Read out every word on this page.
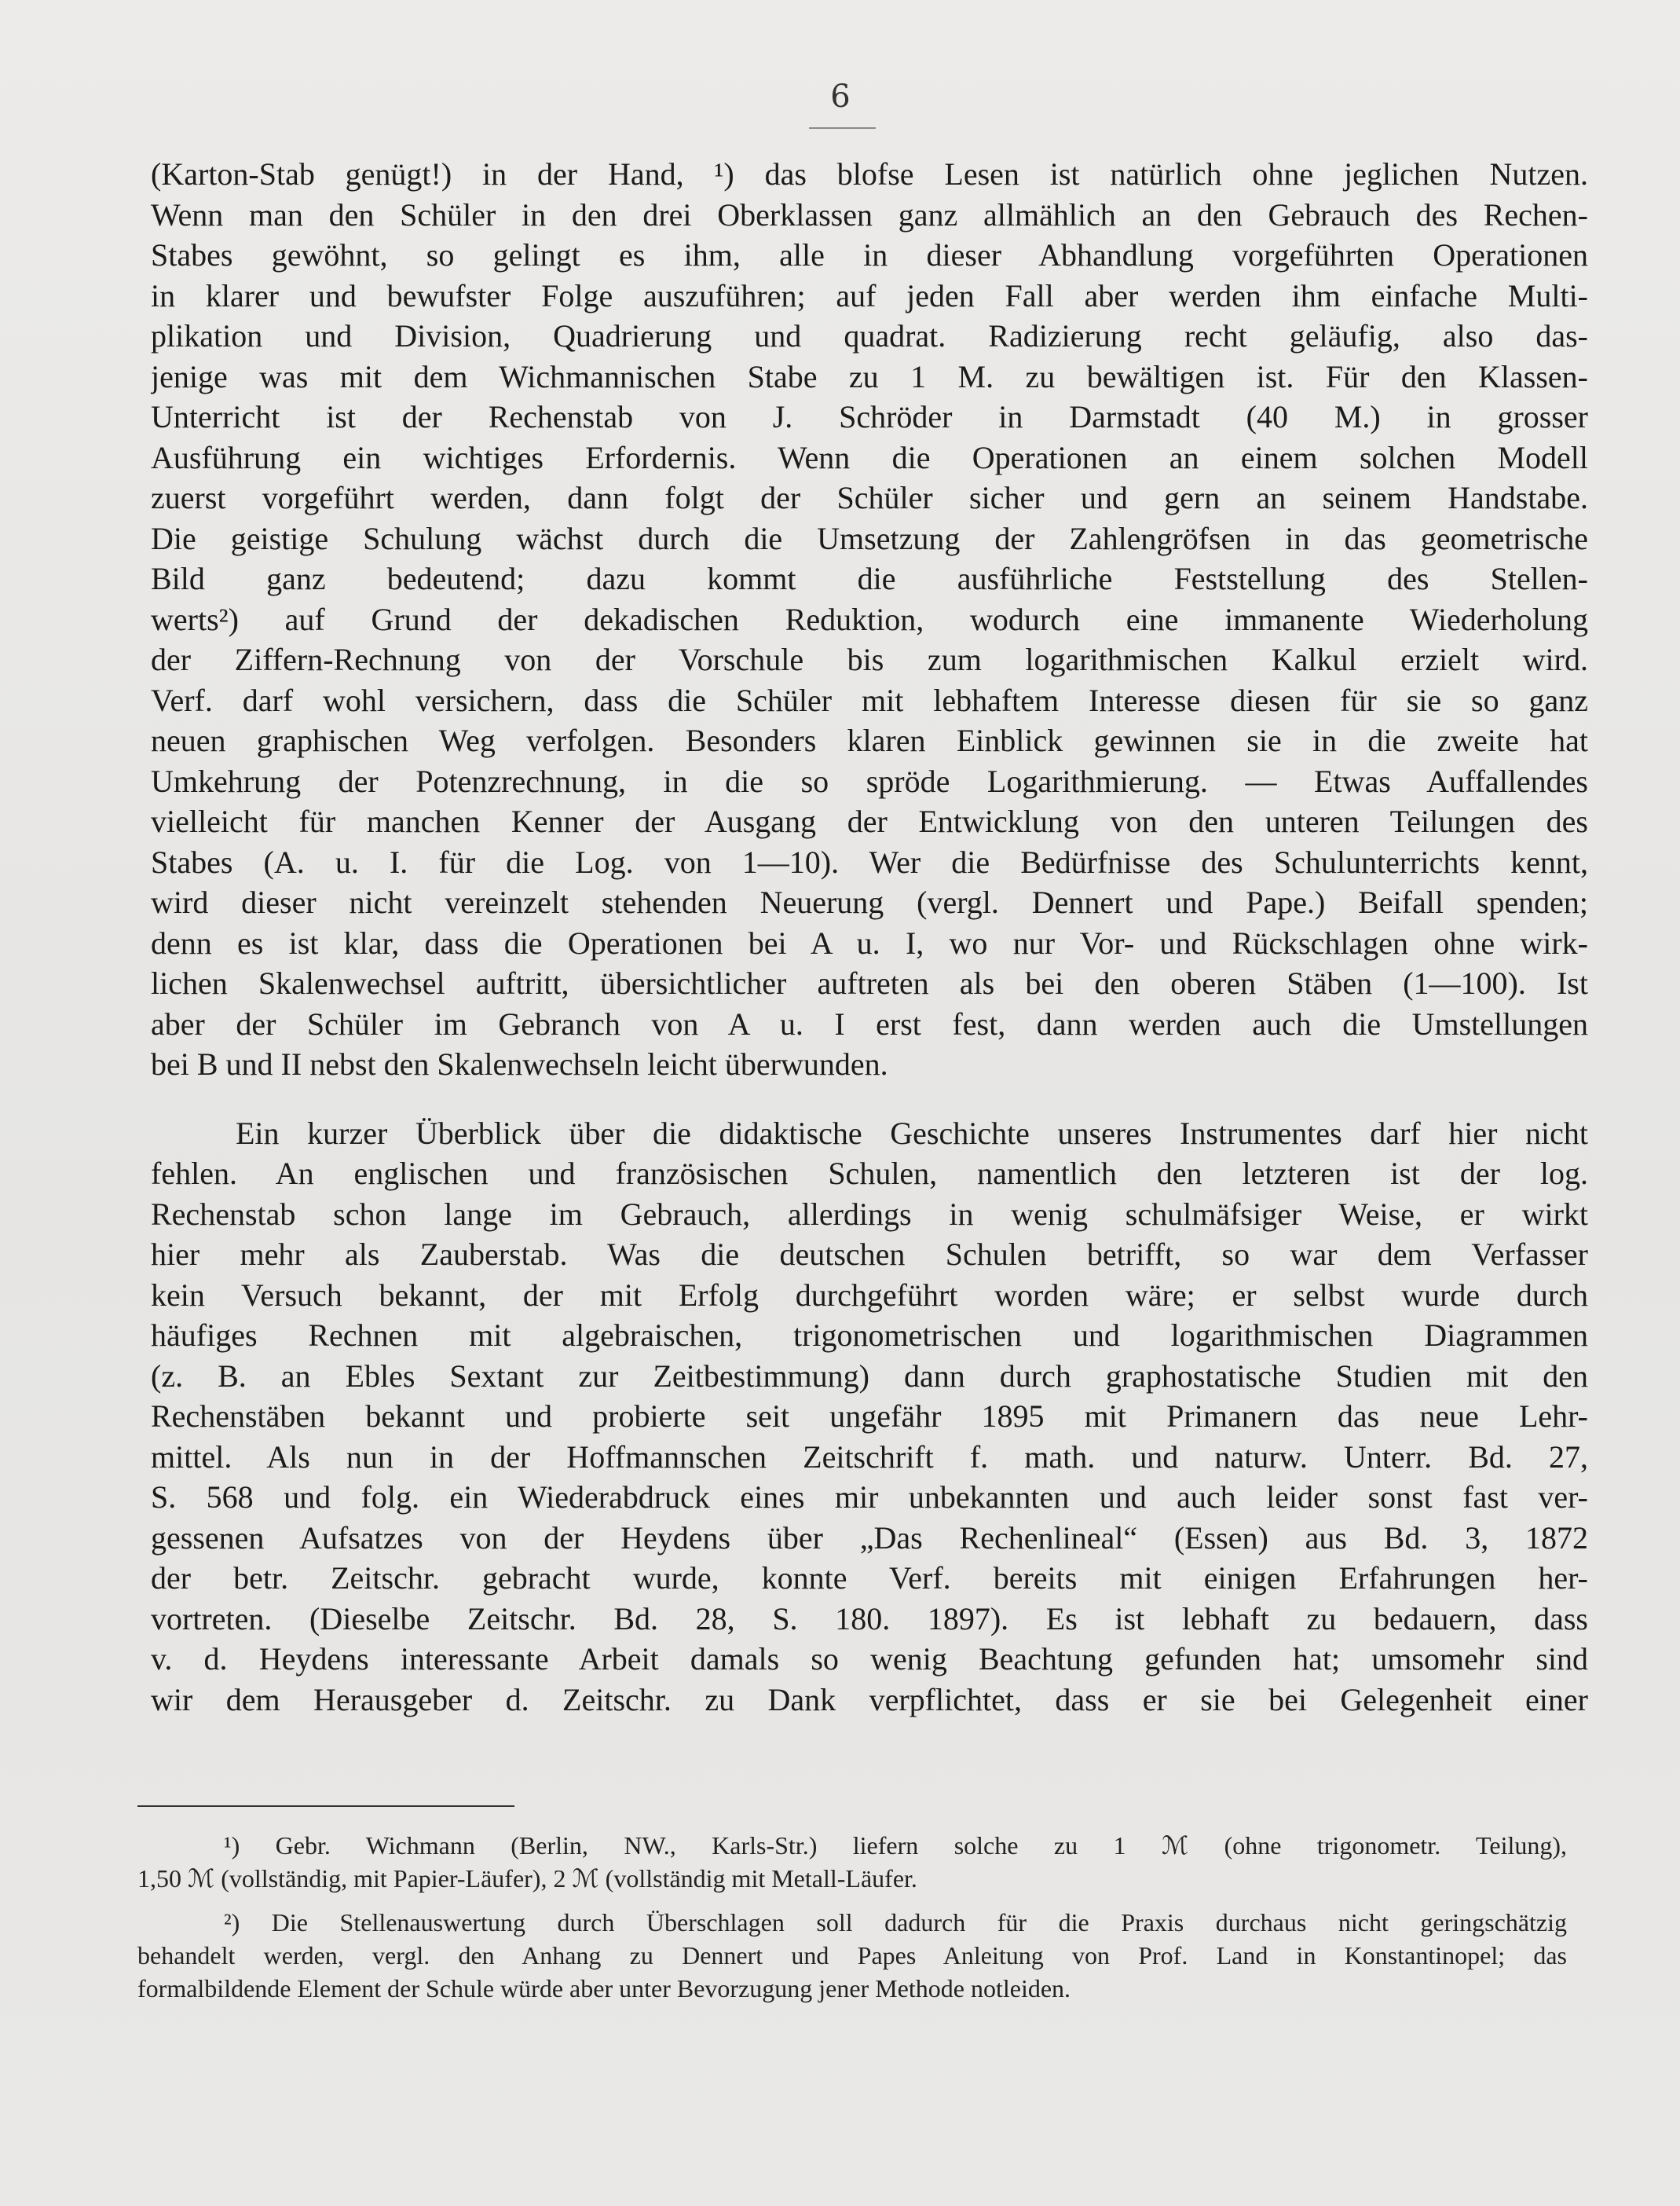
6
(Karton-Stab genügt!) in der Hand, ¹) das blofse Lesen ist natürlich ohne jeglichen Nutzen.
Wenn man den Schüler in den drei Oberklassen ganz allmählich an den Gebrauch des Rechen-
Stabes gewöhnt, so gelingt es ihm, alle in dieser Abhandlung vorgeführten Operationen
in klarer und bewufster Folge auszuführen; auf jeden Fall aber werden ihm einfache Multi-
plikation und Division, Quadrierung und quadrat. Radizierung recht geläufig, also das-
jenige was mit dem Wichmannischen Stabe zu 1 M. zu bewältigen ist. Für den Klassen-
Unterricht ist der Rechenstab von J. Schröder in Darmstadt (40 M.) in grosser
Ausführung ein wichtiges Erfordernis. Wenn die Operationen an einem solchen Modell
zuerst vorgeführt werden, dann folgt der Schüler sicher und gern an seinem Handstabe.
Die geistige Schulung wächst durch die Umsetzung der Zahlengröfsen in das geometrische
Bild ganz bedeutend; dazu kommt die ausführliche Feststellung des Stellen-
werts²) auf Grund der dekadischen Reduktion, wodurch eine immanente Wiederholung
der Ziffern-Rechnung von der Vorschule bis zum logarithmischen Kalkul erzielt wird.
Verf. darf wohl versichern, dass die Schüler mit lebhaftem Interesse diesen für sie so ganz
neuen graphischen Weg verfolgen. Besonders klaren Einblick gewinnen sie in die zweite hat
Umkehrung der Potenzrechnung, in die so spröde Logarithmierung. — Etwas Auffallendes
vielleicht für manchen Kenner der Ausgang der Entwicklung von den unteren Teilungen des
Stabes (A. u. I. für die Log. von 1—10). Wer die Bedürfnisse des Schulunterrichts kennt,
wird dieser nicht vereinzelt stehenden Neuerung (vergl. Dennert und Pape.) Beifall spenden;
denn es ist klar, dass die Operationen bei A u. I, wo nur Vor- und Rückschlagen ohne wirk-
lichen Skalenwechsel auftritt, übersichtlicher auftreten als bei den oberen Stäben (1—100). Ist
aber der Schüler im Gebranch von A u. I erst fest, dann werden auch die Umstellungen
bei B und II nebst den Skalenwechseln leicht überwunden.
Ein kurzer Überblick über die didaktische Geschichte unseres Instrumentes darf hier nicht
fehlen. An englischen und französischen Schulen, namentlich den letzteren ist der log.
Rechenstab schon lange im Gebrauch, allerdings in wenig schulmäfsiger Weise, er wirkt
hier mehr als Zauberstab. Was die deutschen Schulen betrifft, so war dem Verfasser
kein Versuch bekannt, der mit Erfolg durchgeführt worden wäre; er selbst wurde durch
häufiges Rechnen mit algebraischen, trigonometrischen und logarithmischen Diagrammen
(z. B. an Ebles Sextant zur Zeitbestimmung) dann durch graphostatische Studien mit den
Rechenstäben bekannt und probierte seit ungefähr 1895 mit Primanern das neue Lehr-
mittel. Als nun in der Hoffmannschen Zeitschrift f. math. und naturw. Unterr. Bd. 27,
S. 568 und folg. ein Wiederabdruck eines mir unbekannten und auch leider sonst fast ver-
gessenen Aufsatzes von der Heydens über „Das Rechenlineal“ (Essen) aus Bd. 3, 1872
der betr. Zeitschr. gebracht wurde, konnte Verf. bereits mit einigen Erfahrungen her-
vortreten. (Dieselbe Zeitschr. Bd. 28, S. 180. 1897). Es ist lebhaft zu bedauern, dass
v. d. Heydens interessante Arbeit damals so wenig Beachtung gefunden hat; umsomehr sind
wir dem Herausgeber d. Zeitschr. zu Dank verpflichtet, dass er sie bei Gelegenheit einer
¹) Gebr. Wichmann (Berlin, NW., Karls-Str.) liefern solche zu 1 ℳ (ohne trigonometr. Teilung),
1,50 ℳ (vollständig, mit Papier-Läufer), 2 ℳ (vollständig mit Metall-Läufer.
²) Die Stellenauswertung durch Überschlagen soll dadurch für die Praxis durchaus nicht geringschätzig
behandelt werden, vergl. den Anhang zu Dennert und Papes Anleitung von Prof. Land in Konstantinopel; das
formalbildende Element der Schule würde aber unter Bevorzugung jener Methode notleiden.
